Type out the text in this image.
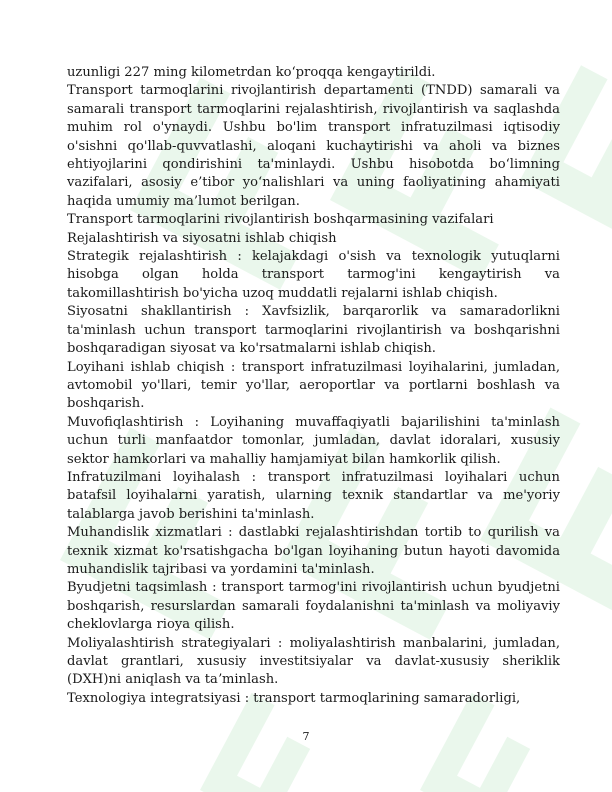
uzunligi 227 ming kilometrdan koʻproqqa kengaytirildi.

Transport tarmoqlarini rivojlantirish departamenti (TNDD) samarali va samarali transport tarmoqlarini rejalashtirish, rivojlantirish va saqlashda muhim rol o'ynaydi. Ushbu bo'lim transport infratuzilmasi iqtisodiy o'sishni qo'llab-quvvatlashi, aloqani kuchaytirishi va aholi va biznes ehtiyojlarini qondirishini ta'minlaydi. Ushbu hisobotda bo‘limning vazifalari, asosiy e’tibor yo‘nalishlari va uning faoliyatining ahamiyati haqida umumiy ma’lumot berilgan.

Transport tarmoqlarini rivojlantirish boshqarmasining vazifalari

Rejalashtirish va siyosatni ishlab chiqish

Strategik rejalashtirish : kelajakdagi o'sish va texnologik yutuqlarni hisobga olgan holda transport tarmog'ini kengaytirish va takomillashtirish bo'yicha uzoq muddatli rejalarni ishlab chiqish.

Siyosatni shakllantirish : Xavfsizlik, barqarorlik va samaradorlikni ta'minlash uchun transport tarmoqlarini rivojlantirish va boshqarishni boshqaradigan siyosat va ko'rsatmalarni ishlab chiqish.

Loyihani ishlab chiqish : transport infratuzilmasi loyihalarini, jumladan, avtomobil yo'llari, temir yo'llar, aeroportlar va portlarni boshlash va boshqarish.

Muvofiqlashtirish : Loyihaning muvaffaqiyatli bajarilishini ta'minlash uchun turli manfaatdor tomonlar, jumladan, davlat idoralari, xususiy sektor hamkorlari va mahalliy hamjamiyat bilan hamkorlik qilish.

Infratuzilmani loyihalash : transport infratuzilmasi loyihalari uchun batafsil loyihalarni yaratish, ularning texnik standartlar va me'yoriy talablarga javob berishini ta'minlash.

Muhandislik xizmatlari : dastlabki rejalashtirishdan tortib to qurilish va texnik xizmat ko'rsatishgacha bo'lgan loyihaning butun hayoti davomida muhandislik tajribasi va yordamini ta'minlash.

Byudjetni taqsimlash : transport tarmog'ini rivojlantirish uchun byudjetni boshqarish, resurslardan samarali foydalanishni ta'minlash va moliyaviy cheklovlarga rioya qilish.

Moliyalashtirish strategiyalari : moliyalashtirish manbalarini, jumladan, davlat grantlari, xususiy investitsiyalar va davlat-xususiy sheriklik (DXH)ni aniqlash va taʼminlash.

Texnologiya integratsiyasi : transport tarmoqlarining samaradorligi,

7
